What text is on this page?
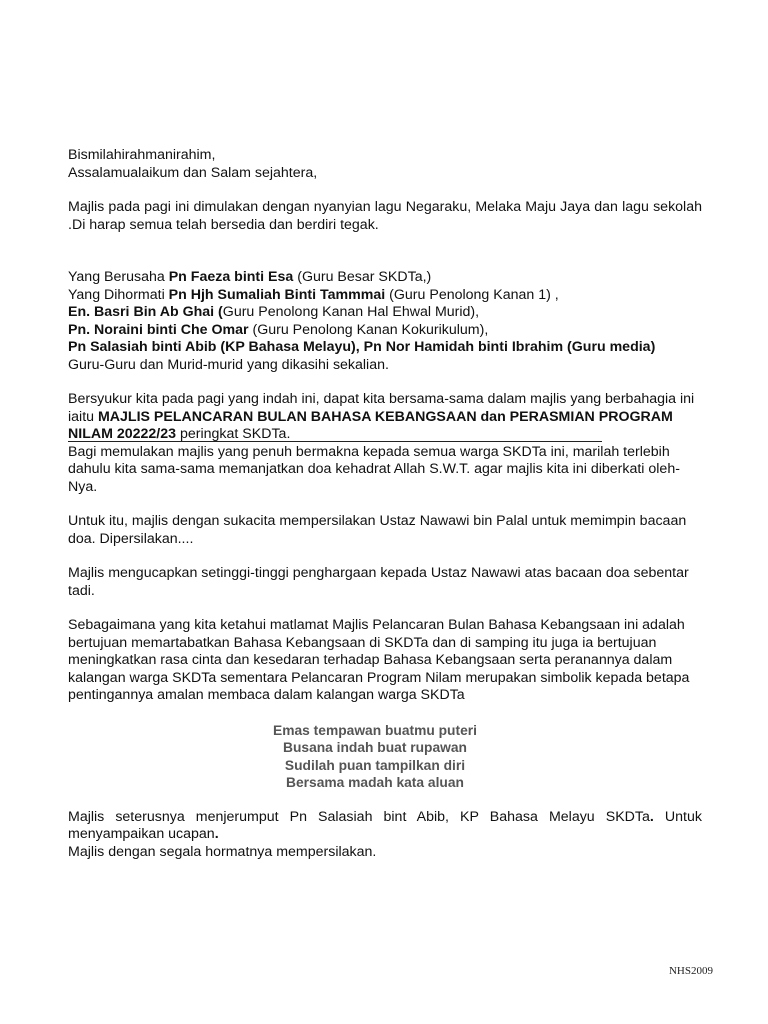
Bismilahirahmanirahim,
Assalamualaikum dan Salam sejahtera,
Majlis pada pagi ini dimulakan dengan nyanyian lagu Negaraku, Melaka Maju Jaya dan lagu sekolah .Di harap semua telah bersedia dan berdiri tegak.
Yang Berusaha Pn Faeza binti Esa (Guru Besar SKDTa,)
Yang Dihormati Pn Hjh Sumaliah Binti Tammmai (Guru Penolong Kanan 1) ,
En. Basri Bin Ab Ghai (Guru Penolong Kanan Hal Ehwal Murid),
Pn. Noraini binti Che Omar (Guru Penolong Kanan Kokurikulum),
Pn Salasiah binti Abib (KP Bahasa Melayu), Pn Nor Hamidah binti Ibrahim (Guru media)
Guru-Guru dan Murid-murid yang dikasihi sekalian.
Bersyukur kita pada pagi yang indah ini, dapat kita bersama-sama dalam majlis yang berbahagia ini iaitu MAJLIS PELANCARAN BULAN BAHASA KEBANGSAAN dan PERASMIAN PROGRAM NILAM 20222/23 peringkat SKDTa.
Bagi memulakan majlis yang penuh bermakna kepada semua warga SKDTa ini, marilah terlebih dahulu kita sama-sama memanjatkan doa kehadrat Allah S.W.T. agar majlis kita ini diberkati oleh-Nya.
Untuk itu, majlis dengan sukacita mempersilakan Ustaz Nawawi bin Palal untuk memimpin bacaan doa. Dipersilakan....
Majlis mengucapkan setinggi-tinggi penghargaan kepada Ustaz Nawawi atas bacaan doa sebentar tadi.
Sebagaimana yang kita ketahui matlamat Majlis Pelancaran Bulan Bahasa Kebangsaan ini adalah bertujuan memartabatkan Bahasa Kebangsaan di SKDTa dan di samping itu juga ia bertujuan meningkatkan rasa cinta dan kesedaran terhadap Bahasa Kebangsaan serta peranannya dalam kalangan warga SKDTa sementara Pelancaran Program Nilam merupakan simbolik kepada betapa pentingannya amalan membaca dalam kalangan warga SKDTa
Emas tempawan buatmu puteri
Busana indah buat rupawan
Sudilah puan tampilkan diri
Bersama madah kata aluan
Majlis seterusnya menjerumput Pn Salasiah bint Abib, KP Bahasa Melayu SKDTa. Untuk menyampaikan ucapan.
Majlis dengan segala hormatnya mempersilakan.
NHS2009
